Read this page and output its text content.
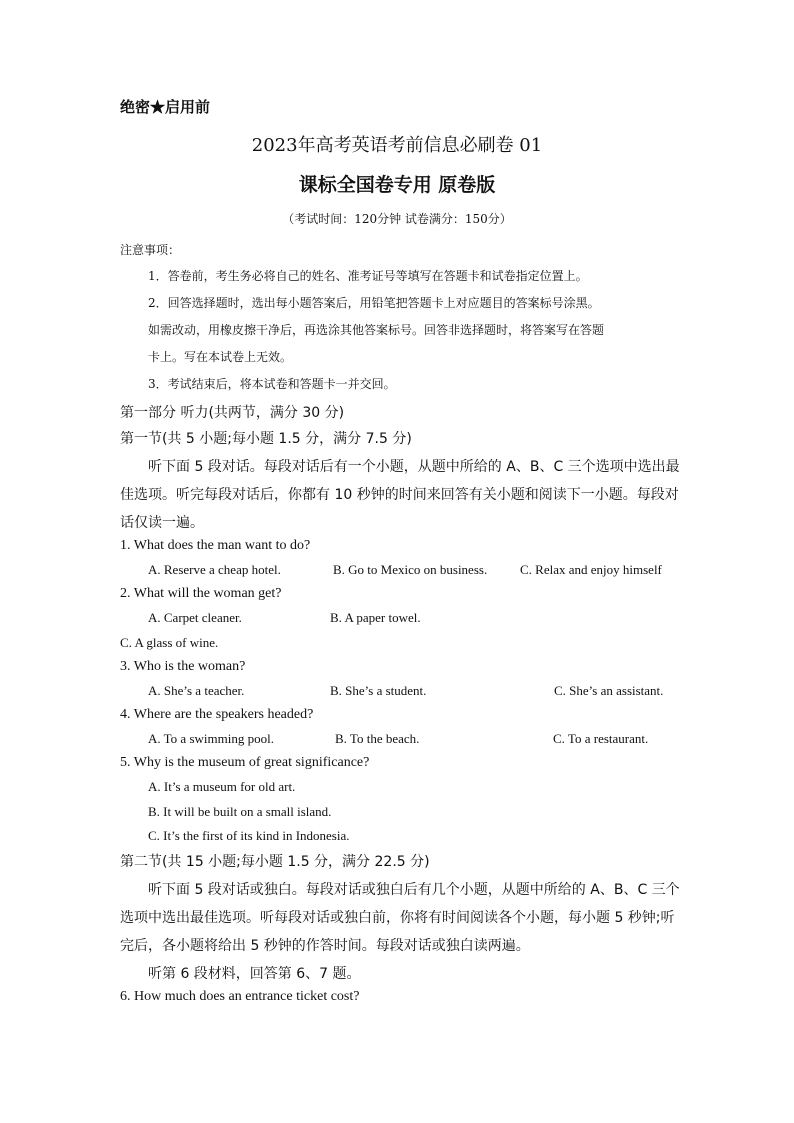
绝密★启用前
2023年高考英语考前信息必刷卷 01
课标全国卷专用 原卷版
（考试时间：120分钟 试卷满分：150分）
注意事项：
1．答卷前，考生务必将自己的姓名、准考证号等填写在答题卡和试卷指定位置上。
2．回答选择题时，选出每小题答案后，用铅笔把答题卡上对应题目的答案标号涂黑。
如需改动，用橡皮擦干净后，再选涂其他答案标号。回答非选择题时，将答案写在答题
卡上。写在本试卷上无效。
3．考试结束后，将本试卷和答题卡一并交回。
第一部分 听力(共两节，满分 30 分)
第一节(共 5 小题;每小题 1.5 分，满分 7.5 分)
听下面 5 段对话。每段对话后有一个小题，从题中所给的 A、B、C 三个选项中选出最
佳选项。听完每段对话后，你都有 10 秒钟的时间来回答有关小题和阅读下一小题。每段对
话仅读一遍。
1. What does the man want to do?
A. Reserve a cheap hotel.	B. Go to Mexico on business.	C. Relax and enjoy himself
2. What will the woman get?
A. Carpet cleaner.	B. A paper towel.
C. A glass of wine.
3. Who is the woman?
A. She’s a teacher.	B. She’s a student.	C. She’s an assistant.
4. Where are the speakers headed?
A. To a swimming pool.	B. To the beach.	C. To a restaurant.
5. Why is the museum of great significance?
A. It’s a museum for old art.
B. It will be built on a small island.
C. It’s the first of its kind in Indonesia.
第二节(共 15 小题;每小题 1.5 分，满分 22.5 分)
听下面 5 段对话或独白。每段对话或独白后有几个小题，从题中所给的 A、B、C 三个
选项中选出最佳选项。听每段对话或独白前，你将有时间阅读各个小题，每小题 5 秒钟;听
完后，各小题将给出 5 秒钟的作答时间。每段对话或独白读两遍。
听第 6 段材料，回答第 6、7 题。
6. How much does an entrance ticket cost?
